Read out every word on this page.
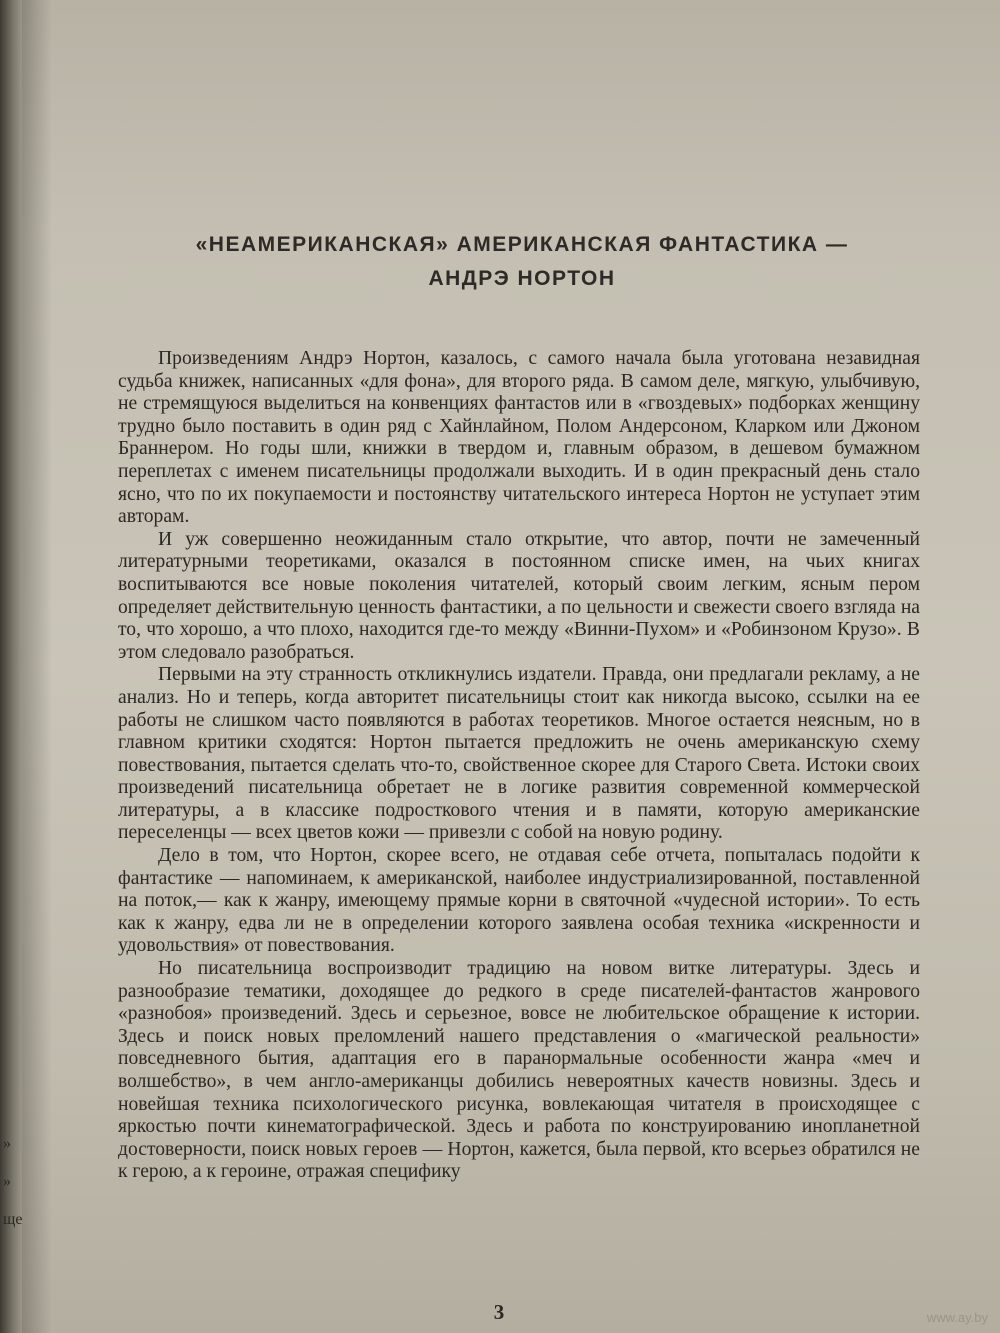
» » ще
«НЕАМЕРИКАНСКАЯ» АМЕРИКАНСКАЯ ФАНТАСТИКА —
АНДРЭ НОРТОН

Произведениям Андрэ Нортон, казалось, с самого начала была уготована незавидная судьба книжек, написанных «для фона», для второго ряда. В самом деле, мягкую, улыбчивую, не стремящуюся выделиться на конвенциях фантастов или в «гвоздевых» подборках женщину трудно было поставить в один ряд с Хайнлайном, Полом Андерсоном, Кларком или Джоном Браннером. Но годы шли, книжки в твердом и, главным образом, в дешевом бумажном переплетах с именем писательницы продолжали выходить. И в один прекрасный день стало ясно, что по их покупаемости и постоянству читательского интереса Нортон не уступает этим авторам.

И уж совершенно неожиданным стало открытие, что автор, почти не замеченный литературными теоретиками, оказался в постоянном списке имен, на чьих книгах воспитываются все новые поколения читателей, который своим легким, ясным пером определяет действительную ценность фантастики, а по цельности и свежести своего взгляда на то, что хорошо, а что плохо, находится где-то между «Винни-Пухом» и «Робинзоном Крузо». В этом следовало разобраться.

Первыми на эту странность откликнулись издатели. Правда, они предлагали рекламу, а не анализ. Но и теперь, когда авторитет писательницы стоит как никогда высоко, ссылки на ее работы не слишком часто появляются в работах теоретиков. Многое остается неясным, но в главном критики сходятся: Нортон пытается предложить не очень американскую схему повествования, пытается сделать что-то, свойственное скорее для Старого Света. Истоки своих произведений писательница обретает не в логике развития современной коммерческой литературы, а в классике подросткового чтения и в памяти, которую американские переселенцы — всех цветов кожи — привезли с собой на новую родину.

Дело в том, что Нортон, скорее всего, не отдавая себе отчета, попыталась подойти к фантастике — напоминаем, к американской, наиболее индустриализированной, поставленной на поток,— как к жанру, имеющему прямые корни в святочной «чудесной истории». То есть как к жанру, едва ли не в определении которого заявлена особая техника «искренности и удовольствия» от повествования.

Но писательница воспроизводит традицию на новом витке литературы. Здесь и разнообразие тематики, доходящее до редкого в среде писателей-фантастов жанрового «разнобоя» произведений. Здесь и серьезное, вовсе не любительское обращение к истории. Здесь и поиск новых преломлений нашего представления о «магической реальности» повседневного бытия, адаптация его в паранормальные особенности жанра «меч и волшебство», в чем англо-американцы добились невероятных качеств новизны. Здесь и новейшая техника психологического рисунка, вовлекающая читателя в происходящее с яркостью почти кинематографической. Здесь и работа по конструированию инопланетной достоверности, поиск новых героев — Нортон, кажется, была первой, кто всерьез обратился не к герою, а к героине, отражая специфику

3	www.ay.by
